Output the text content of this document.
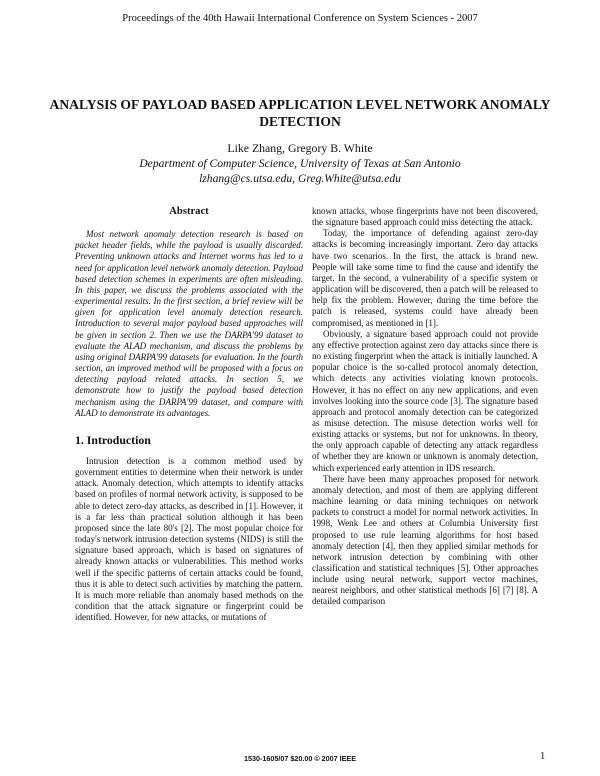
Proceedings of the 40th Hawaii International Conference on System Sciences - 2007
ANALYSIS OF PAYLOAD BASED APPLICATION LEVEL NETWORK ANOMALY DETECTION
Like Zhang, Gregory B. White
Department of Computer Science, University of Texas at San Antonio
lzhang@cs.utsa.edu, Greg.White@utsa.edu
Abstract

Most network anomaly detection research is based on packet header fields, while the payload is usually discarded. Preventing unknown attacks and Internet worms has led to a need for application level network anomaly detection. Payload based detection schemes in experiments are often misleading. In this paper, we discuss the problems associated with the experimental results. In the first section, a brief review will be given for application level anomaly detection research. Introduction to several major payload based approaches will be given in section 2. Then we use the DARPA'99 dataset to evaluate the ALAD mechanism, and discuss the problems by using original DARPA'99 datasets for evaluation. In the fourth section, an improved method will be proposed with a focus on detecting payload related attacks. In section 5, we demonstrate how to justify the payload based detection mechanism using the DARPA'99 dataset, and compare with ALAD to demonstrate its advantages.

1. Introduction

Intrusion detection is a common method used by government entities to determine when their network is under attack. Anomaly detection, which attempts to identify attacks based on profiles of normal network activity, is supposed to be able to detect zero-day attacks, as described in [1]. However, it is a far less than practical solution although it has been proposed since the late 80's [2]. The most popular choice for today's network intrusion detection systems (NIDS) is still the signature based approach, which is based on signatures of already known attacks or vulnerabilities. This method works well if the specific patterns of certain attacks could be found, thus it is able to detect such activities by matching the pattern. It is much more reliable than anomaly based methods on the condition that the attack signature or fingerprint could be identified. However, for new attacks, or mutations of

known attacks, whose fingerprints have not been discovered, the signature based approach could miss detecting the attack.

Today, the importance of defending against zero-day attacks is becoming increasingly important. Zero day attacks have two scenarios. In the first, the attack is brand new. People will take some time to find the cause and identify the target. In the second, a vulnerability of a specific system or application will be discovered, then a patch will be released to help fix the problem. However, during the time before the patch is released, systems could have already been compromised, as mentioned in [1].

Obviously, a signature based approach could not provide any effective protection against zero day attacks since there is no existing fingerprint when the attack is initially launched. A popular choice is the so-called protocol anomaly detection, which detects any activities violating known protocols. However, it has no effect on any new applications, and even involves looking into the source code [3]. The signature based approach and protocol anomaly detection can be categorized as misuse detection. The misuse detection works well for existing attacks or systems, but not for unknowns. In theory, the only approach capable of detecting any attack regardless of whether they are known or unknown is anomaly detection, which experienced early attention in IDS research.

There have been many approaches proposed for network anomaly detection, and most of them are applying different machine learning or data mining techniques on network packets to construct a model for normal network activities. In 1998, Wenk Lee and others at Columbia University first proposed to use rule learning algorithms for host based anomaly detection [4], then they applied similar methods for network intrusion detection by combining with other classification and statistical techniques [5]. Other approaches include using neural network, support vector machines, nearest neighbors, and other statistical methods [6] [7] [8]. A detailed comparison

1530-1605/07 $20.00 © 2007 IEEE	1
